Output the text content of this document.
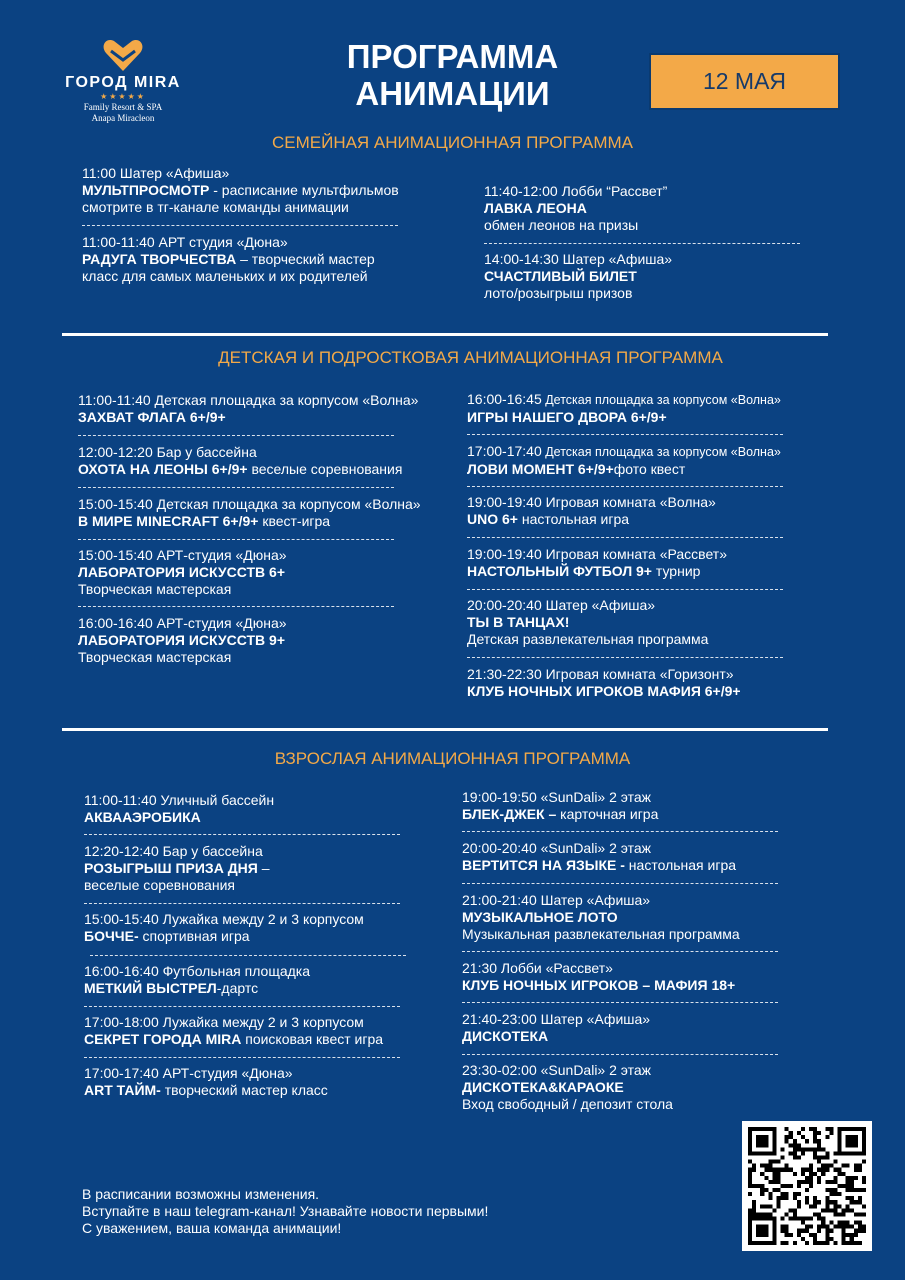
ГОРОД MIRA
★★★★★
Family Resort & SPA
Anapa Miracleon
ПРОГРАММА
АНИМАЦИИ	12 МАЯ
СЕМЕЙНАЯ АНИМАЦИОННАЯ ПРОГРАММА
11:00 Шатер «Афиша»
МУЛЬТПРОСМОТР - расписание мультфильмов
смотрите в тг-канале команды анимации
11:00-11:40 АРТ студия «Дюна»
РАДУГА ТВОРЧЕСТВА – творческий мастер
класс для самых маленьких и их родителей
11:40-12:00 Лобби “Рассвет”
ЛАВКА ЛЕОНА
обмен леонов на призы
14:00-14:30 Шатер «Афиша»
СЧАСТЛИВЫЙ БИЛЕТ
лото/розыгрыш призов
ДЕТСКАЯ И ПОДРОСТКОВАЯ АНИМАЦИОННАЯ ПРОГРАММА
11:00-11:40 Детская площадка за корпусом «Волна»
ЗАХВАТ ФЛАГА 6+/9+
12:00-12:20 Бар у бассейна
ОХОТА НА ЛЕОНЫ 6+/9+ веселые соревнования
15:00-15:40 Детская площадка за корпусом «Волна»
В МИРЕ MINECRAFT 6+/9+ квест-игра
15:00-15:40 АРТ-студия «Дюна»
ЛАБОРАТОРИЯ ИСКУССТВ 6+
Творческая мастерская
16:00-16:40 АРТ-студия «Дюна»
ЛАБОРАТОРИЯ ИСКУССТВ 9+
Творческая мастерская
16:00-16:45 Детская площадка за корпусом «Волна»
ИГРЫ НАШЕГО ДВОРА 6+/9+
17:00-17:40 Детская площадка за корпусом «Волна»
ЛОВИ МОМЕНТ 6+/9+фото квест
19:00-19:40 Игровая комната «Волна»
UNO 6+ настольная игра
19:00-19:40 Игровая комната «Рассвет»
НАСТОЛЬНЫЙ ФУТБОЛ 9+ турнир
20:00-20:40 Шатер «Афиша»
ТЫ В ТАНЦАХ!
Детская развлекательная программа
21:30-22:30 Игровая комната «Горизонт»
КЛУБ НОЧНЫХ ИГРОКОВ МАФИЯ 6+/9+
ВЗРОСЛАЯ АНИМАЦИОННАЯ ПРОГРАММА
11:00-11:40 Уличный бассейн
АКВААЭРОБИКА
12:20-12:40 Бар у бассейна
РОЗЫГРЫШ ПРИЗА ДНЯ –
веселые соревнования
15:00-15:40 Лужайка между 2 и 3 корпусом
БОЧЧЕ- спортивная игра
16:00-16:40 Футбольная площадка
МЕТКИЙ ВЫСТРЕЛ-дартс
17:00-18:00 Лужайка между 2 и 3 корпусом
СЕКРЕТ ГОРОДА MIRA поисковая квест игра
17:00-17:40 АРТ-студия «Дюна»
ART ТАЙМ- творческий мастер класс
19:00-19:50 «SunDali» 2 этаж
БЛЕК-ДЖЕК – карточная игра
20:00-20:40 «SunDali» 2 этаж
ВЕРТИТСЯ НА ЯЗЫКЕ - настольная игра
21:00-21:40 Шатер «Афиша»
МУЗЫКАЛЬНОЕ ЛОТО
Музыкальная развлекательная программа
21:30 Лобби «Рассвет»
КЛУБ НОЧНЫХ ИГРОКОВ – МАФИЯ 18+
21:40-23:00 Шатер «Афиша»
ДИСКОТЕКА
23:30-02:00 «SunDali» 2 этаж
ДИСКОТЕКА&КАРАОКЕ
Вход свободный / депозит стола
В расписании возможны изменения.
Вступайте в наш telegram-канал! Узнавайте новости первыми!
С уважением, ваша команда анимации!
